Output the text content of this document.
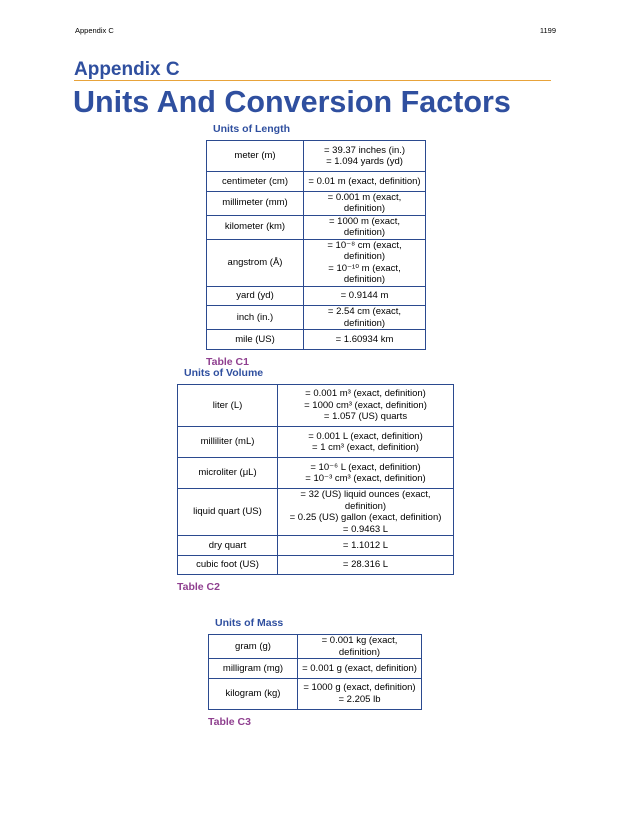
Appendix C	1199
Appendix C
Units And Conversion Factors
Units of Length
meter (m)	= 39.37 inches (in.)
= 1.094 yards (yd)

centimeter (cm)	= 0.01 m (exact, definition)

millimeter (mm)	= 0.001 m (exact, definition)

kilometer (km)	= 1000 m (exact, definition)

angstrom (Å)	= 10⁻⁸ cm (exact, definition)
= 10⁻¹⁰ m (exact, definition)

yard (yd)	= 0.9144 m

inch (in.)	= 2.54 cm (exact, definition)

mile (US)	= 1.60934 km
Table C1
Units of Volume
liter (L)	= 0.001 m³ (exact, definition)
= 1000 cm³ (exact, definition)
= 1.057 (US) quarts

milliliter (mL)	= 0.001 L (exact, definition)
= 1 cm³ (exact, definition)

microliter (μL)	= 10⁻⁶ L (exact, definition)
= 10⁻³ cm³ (exact, definition)

liquid quart (US)	= 32 (US) liquid ounces (exact, definition)
= 0.25 (US) gallon (exact, definition)
= 0.9463 L

dry quart	= 1.1012 L

cubic foot (US)	= 28.316 L
Table C2
Units of Mass
gram (g)	= 0.001 kg (exact, definition)

milligram (mg)	= 0.001 g (exact, definition)

kilogram (kg)	= 1000 g (exact, definition)
= 2.205 lb
Table C3
